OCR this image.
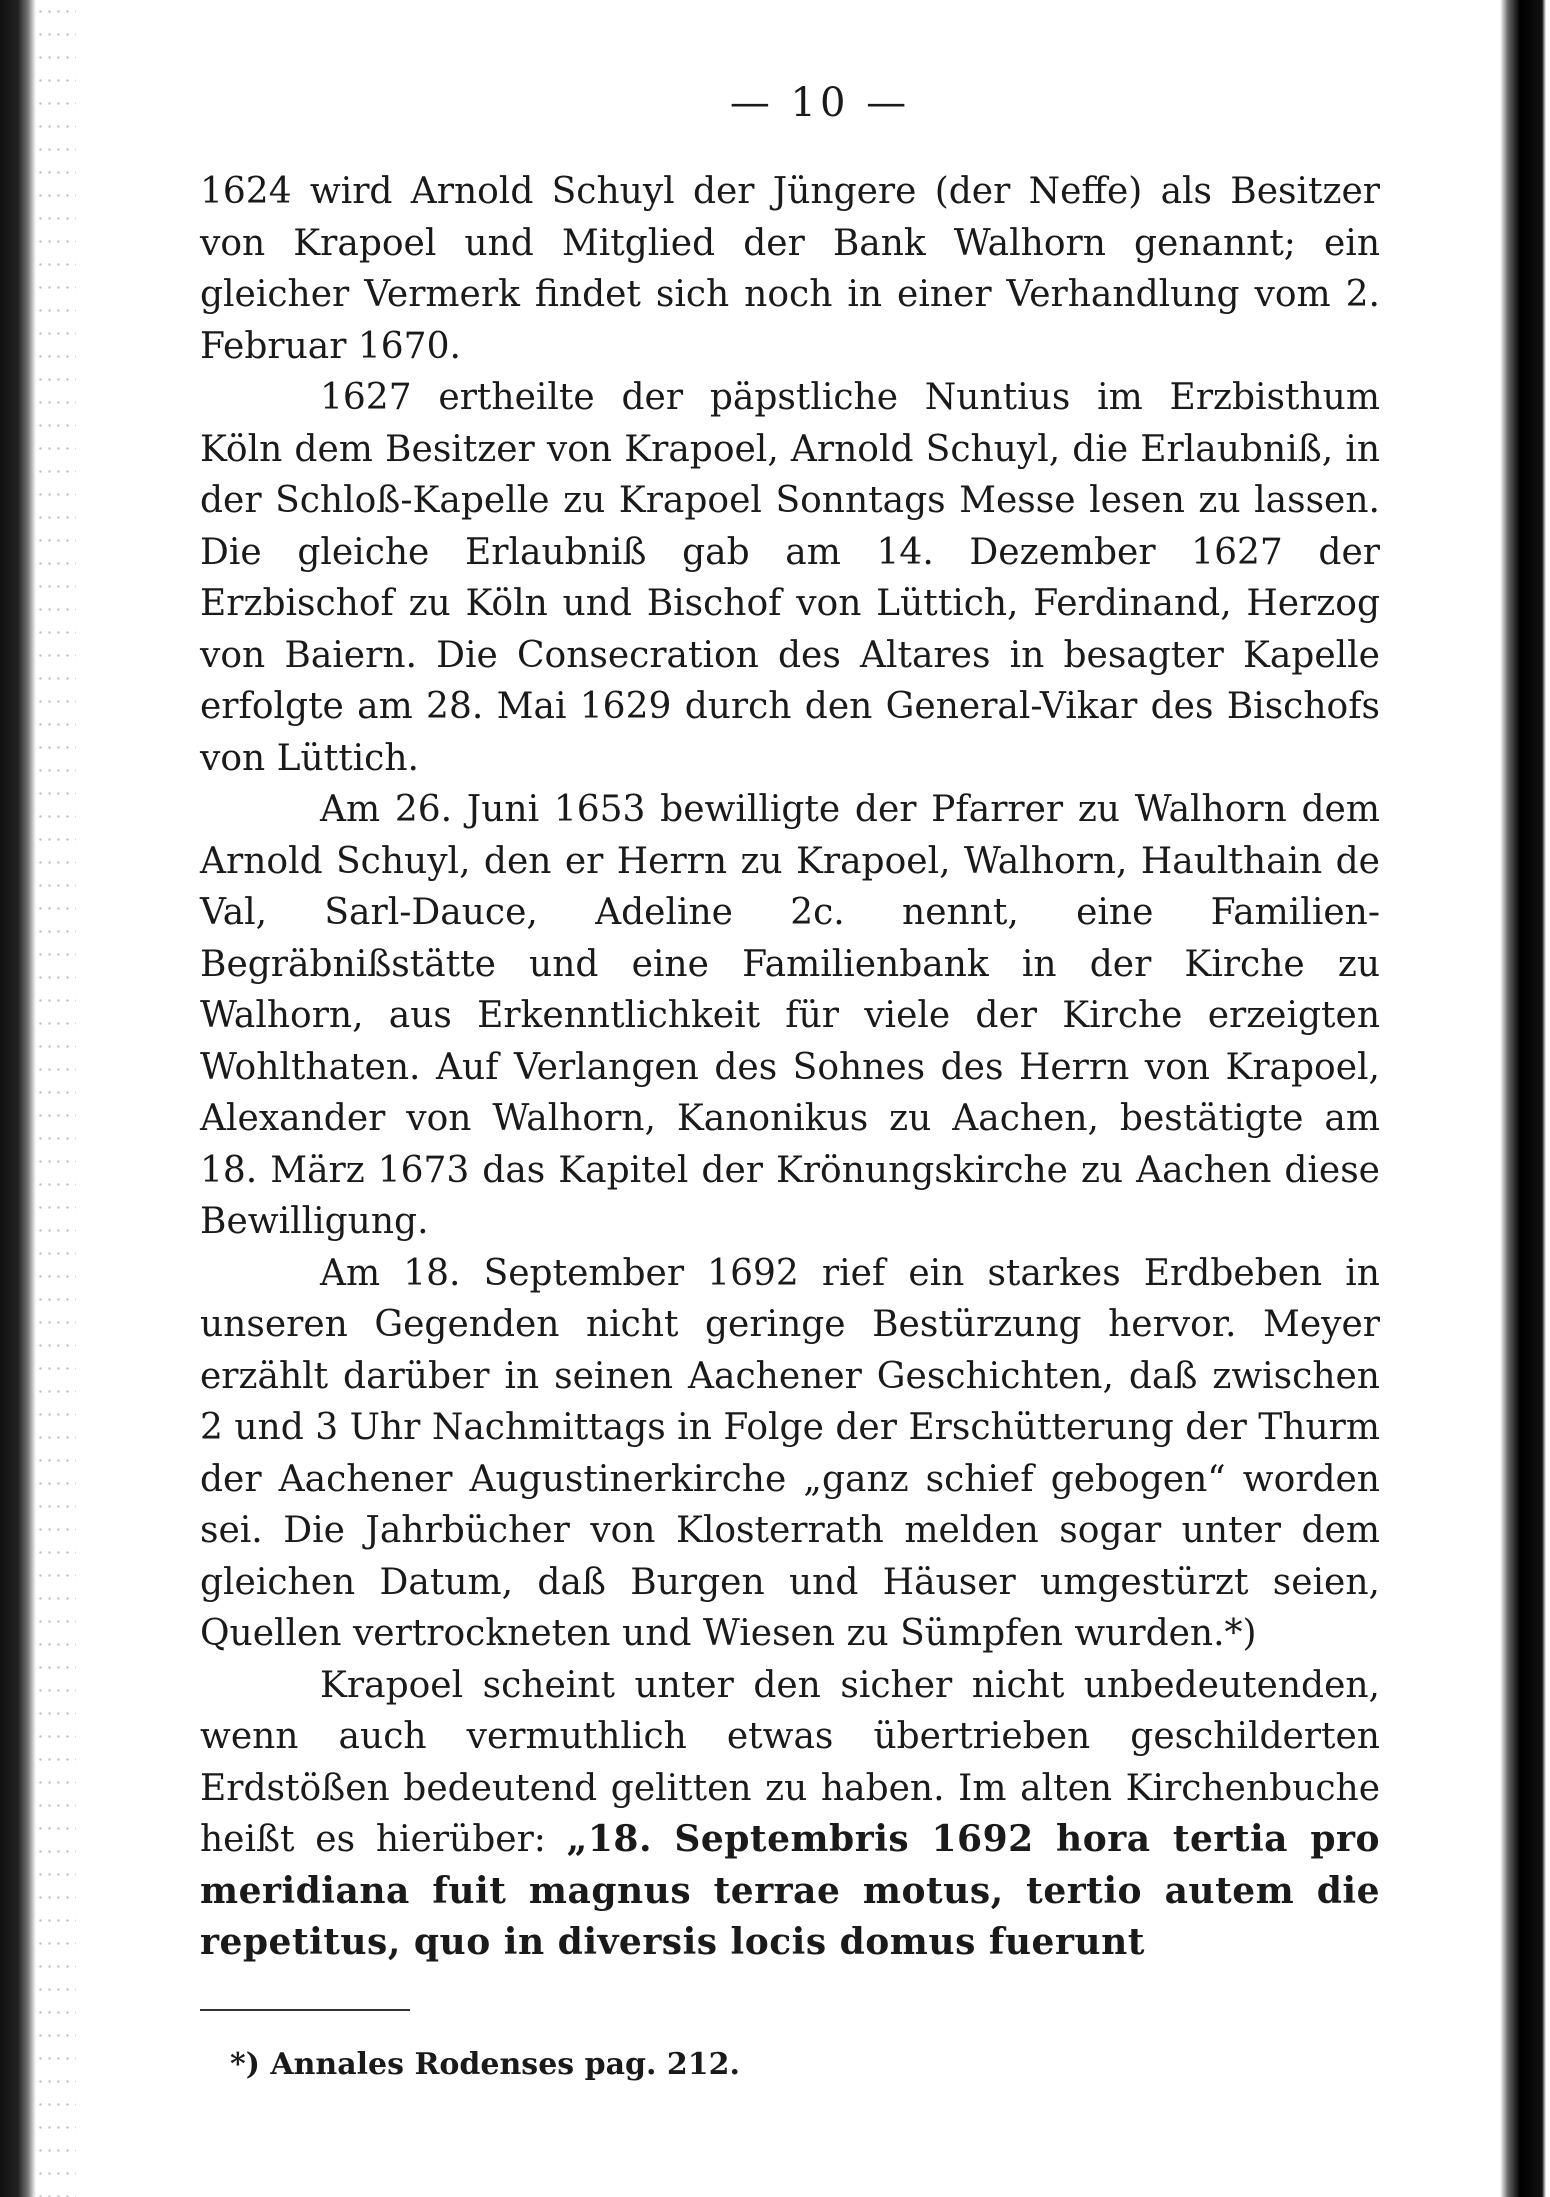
— 10 —

1624 wird Arnold Schuyl der Jüngere (der Neffe) als Besitzer von Krapoel und Mitglied der Bank Walhorn genannt; ein gleicher Vermerk findet sich noch in einer Verhandlung vom 2. Februar 1670.

1627 ertheilte der päpstliche Nuntius im Erzbisthum Köln dem Besitzer von Krapoel, Arnold Schuyl, die Erlaubniß, in der Schloß-Kapelle zu Krapoel Sonntags Messe lesen zu lassen. Die gleiche Erlaubniß gab am 14. Dezember 1627 der Erzbischof zu Köln und Bischof von Lüttich, Ferdinand, Herzog von Baiern. Die Consecration des Altares in besagter Kapelle erfolgte am 28. Mai 1629 durch den General-Vikar des Bischofs von Lüttich.

Am 26. Juni 1653 bewilligte der Pfarrer zu Walhorn dem Arnold Schuyl, den er Herrn zu Krapoel, Walhorn, Haulthain de Val, Sarl-Dauce, Adeline 2c. nennt, eine Familien-Begräbnißstätte und eine Familienbank in der Kirche zu Walhorn, aus Erkenntlichkeit für viele der Kirche erzeigten Wohlthaten. Auf Verlangen des Sohnes des Herrn von Krapoel, Alexander von Walhorn, Kanonikus zu Aachen, bestätigte am 18. März 1673 das Kapitel der Krönungskirche zu Aachen diese Bewilligung.

Am 18. September 1692 rief ein starkes Erdbeben in unseren Gegenden nicht geringe Bestürzung hervor. Meyer erzählt darüber in seinen Aachener Geschichten, daß zwischen 2 und 3 Uhr Nachmittags in Folge der Erschütterung der Thurm der Aachener Augustinerkirche „ganz schief gebogen“ worden sei. Die Jahrbücher von Klosterrath melden sogar unter dem gleichen Datum, daß Burgen und Häuser umgestürzt seien, Quellen vertrockneten und Wiesen zu Sümpfen wurden.*)

Krapoel scheint unter den sicher nicht unbedeutenden, wenn auch vermuthlich etwas übertrieben geschilderten Erdstößen bedeutend gelitten zu haben. Im alten Kirchenbuche heißt es hierüber: „18. Septembris 1692 hora tertia pro meridiana fuit magnus terrae motus, tertio autem die repetitus, quo in diversis locis domus fuerunt

*) Annales Rodenses pag. 212.
